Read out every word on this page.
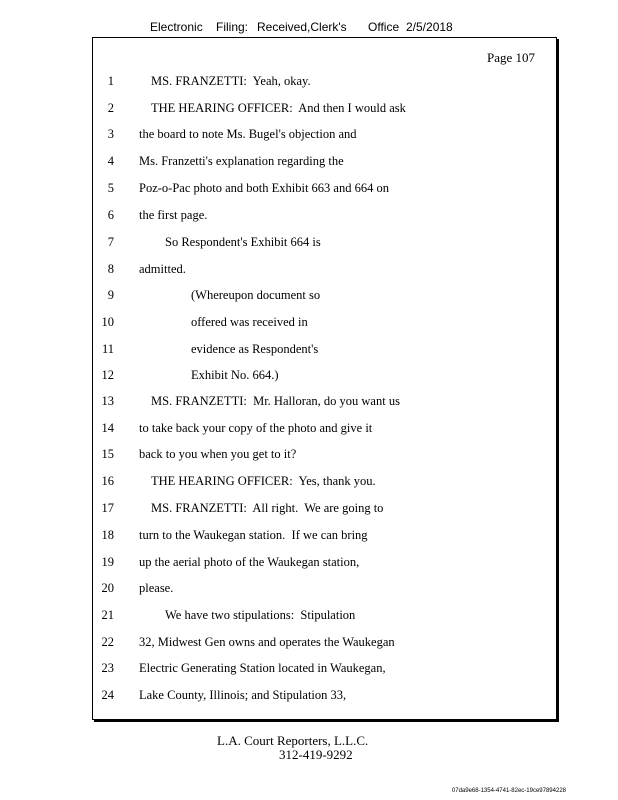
Electronic Filing: Received,Clerk's Office 2/5/2018
Page 107
1	MS. FRANZETTI:  Yeah, okay.
2	THE HEARING OFFICER:  And then I would ask
3 the board to note Ms. Bugel's objection and
4 Ms. Franzetti's explanation regarding the
5 Poz-o-Pac photo and both Exhibit 663 and 664 on
6 the first page.
7	So Respondent's Exhibit 664 is
8 admitted.
9	(Whereupon document so
10	offered was received in
11	evidence as Respondent's
12	Exhibit No. 664.)
13	MS. FRANZETTI:  Mr. Halloran, do you want us
14 to take back your copy of the photo and give it
15 back to you when you get to it?
16	THE HEARING OFFICER:  Yes, thank you.
17	MS. FRANZETTI:  All right.  We are going to
18 turn to the Waukegan station.  If we can bring
19 up the aerial photo of the Waukegan station,
20 please.
21	We have two stipulations:  Stipulation
22 32, Midwest Gen owns and operates the Waukegan
23 Electric Generating Station located in Waukegan,
24 Lake County, Illinois; and Stipulation 33,
L.A. Court Reporters, L.L.C.
312-419-9292
07da9e68-1354-4741-82ec-19ce97894228
